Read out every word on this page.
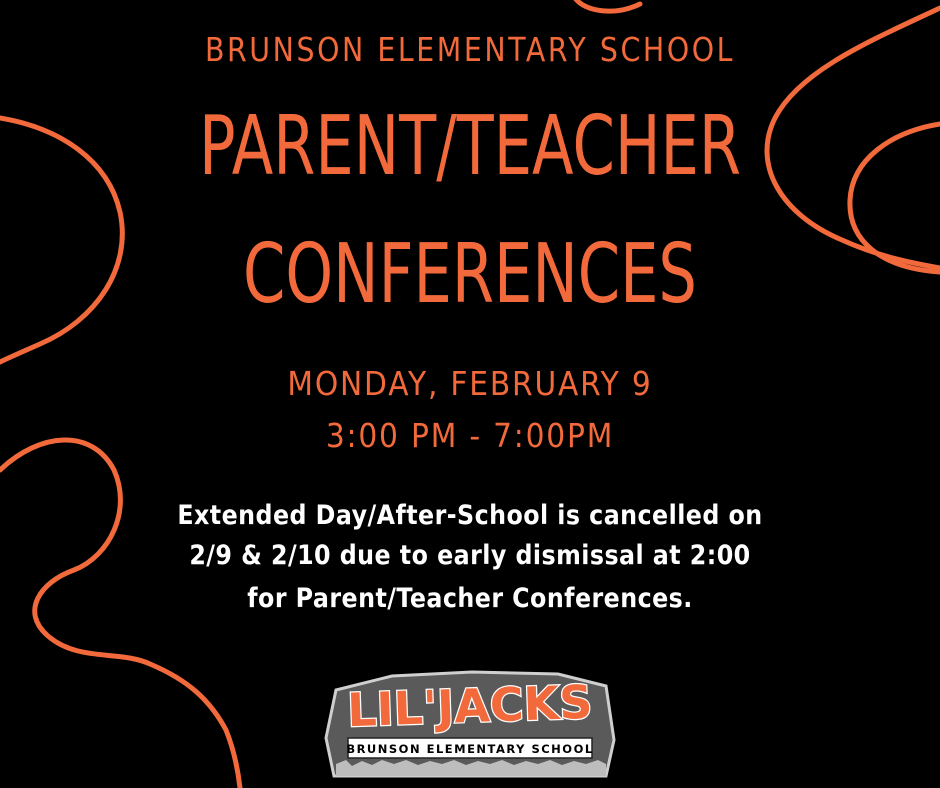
BRUNSON ELEMENTARY SCHOOL
PARENT/TEACHER
CONFERENCES
MONDAY, FEBRUARY 9
3:00 PM - 7:00PM
Extended Day/After-School is cancelled on
2/9 & 2/10 due to early dismissal at 2:00
for Parent/Teacher Conferences.
LIL'JACKS
BRUNSON ELEMENTARY SCHOOL
